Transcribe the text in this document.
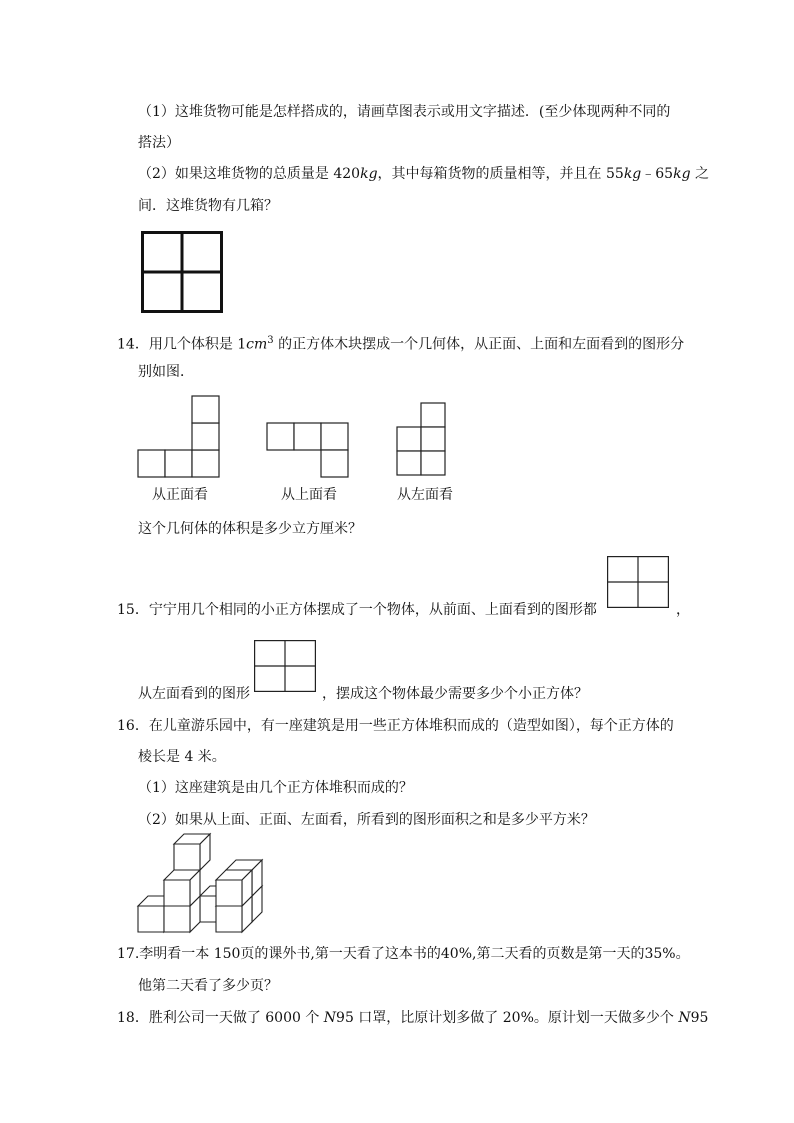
（1）这堆货物可能是怎样搭成的，请画草图表示或用文字描述．(至少体现两种不同的
搭法）
（2）如果这堆货物的总质量是 420kg，其中每箱货物的质量相等，并且在 55kg﹣65kg 之
间．这堆货物有几箱？
14．用几个体积是 $1cm^3$ 的正方体木块摆成一个几何体，从正面、上面和左面看到的图形分
别如图．
从正面看	从上面看	从左面看
这个几何体的体积是多少立方厘米？
15．宁宁用几个相同的小正方体摆成了一个物体，从前面、上面看到的图形都	，
从左面看到的图形	，摆成这个物体最少需要多少个小正方体？
16．在儿童游乐园中，有一座建筑是用一些正方体堆积而成的（造型如图），每个正方体的
棱长是 4 米。
（1）这座建筑是由几个正方体堆积而成的？
（2）如果从上面、正面、左面看，所看到的图形面积之和是多少平方米？
17.李明看一本 150页的课外书,第一天看了这本书的40%,第二天看的页数是第一天的35%。
他第二天看了多少页？
18．胜利公司一天做了 6000 个 N95 口罩，比原计划多做了 20%。原计划一天做多少个 N95
